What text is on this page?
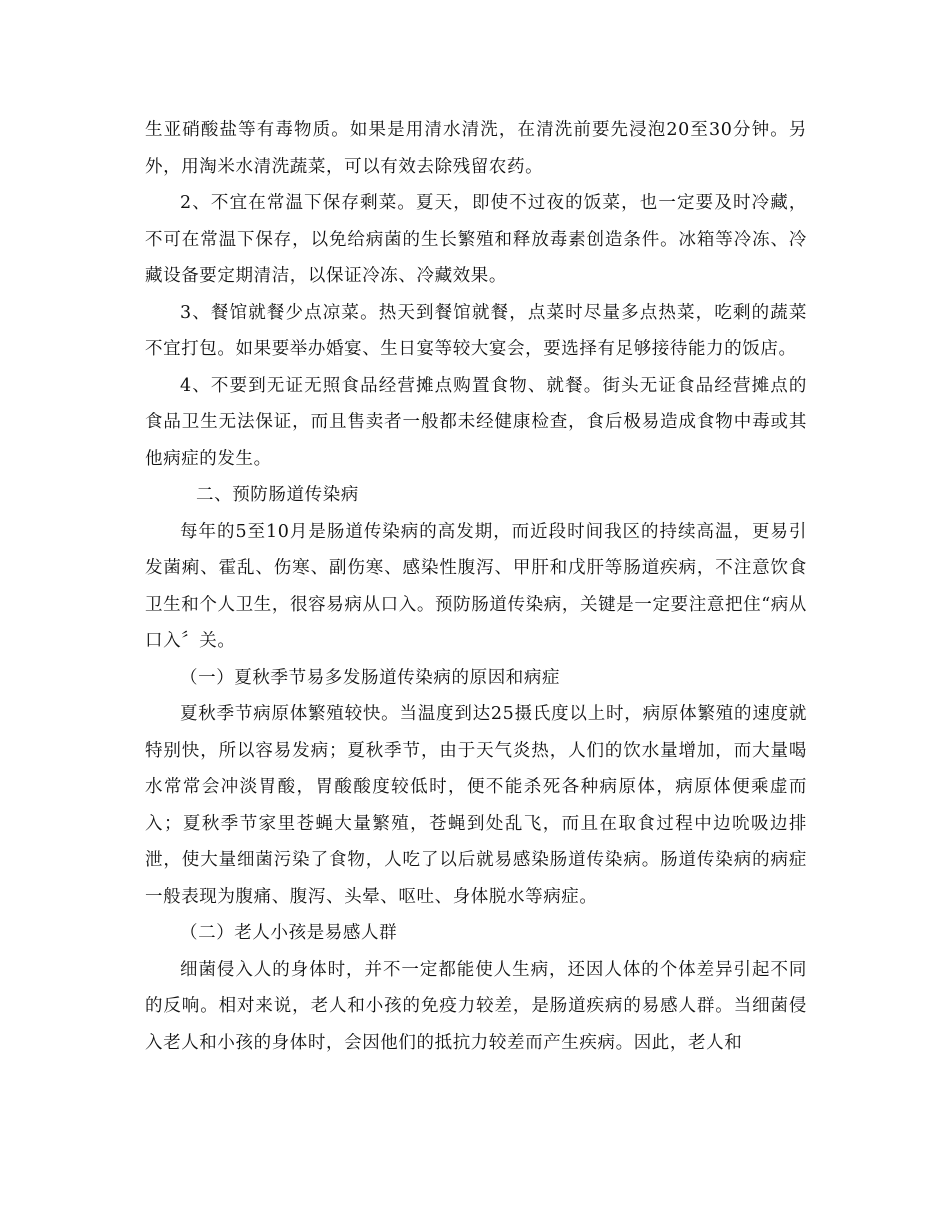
生亚硝酸盐等有毒物质。如果是用清水清洗，在清洗前要先浸泡20至30分钟。另外，用淘米水清洗蔬菜，可以有效去除残留农药。

2、不宜在常温下保存剩菜。夏天，即使不过夜的饭菜，也一定要及时冷藏，不可在常温下保存，以免给病菌的生长繁殖和释放毒素创造条件。冰箱等冷冻、冷藏设备要定期清洁，以保证冷冻、冷藏效果。

3、餐馆就餐少点凉菜。热天到餐馆就餐，点菜时尽量多点热菜，吃剩的蔬菜不宜打包。如果要举办婚宴、生日宴等较大宴会，要选择有足够接待能力的饭店。

4、不要到无证无照食品经营摊点购置食物、就餐。街头无证食品经营摊点的食品卫生无法保证，而且售卖者一般都未经健康检查，食后极易造成食物中毒或其他病症的发生。

二、预防肠道传染病

每年的5至10月是肠道传染病的高发期，而近段时间我区的持续高温，更易引发菌痢、霍乱、伤寒、副伤寒、感染性腹泻、甲肝和戊肝等肠道疾病，不注意饮食卫生和个人卫生，很容易病从口入。预防肠道传染病，关键是一定要注意把住“病从口入〞关。

（一）夏秋季节易多发肠道传染病的原因和病症

夏秋季节病原体繁殖较快。当温度到达25摄氏度以上时，病原体繁殖的速度就特别快，所以容易发病；夏秋季节，由于天气炎热，人们的饮水量增加，而大量喝水常常会冲淡胃酸，胃酸酸度较低时，便不能杀死各种病原体，病原体便乘虚而入；夏秋季节家里苍蝇大量繁殖，苍蝇到处乱飞，而且在取食过程中边吮吸边排泄，使大量细菌污染了食物，人吃了以后就易感染肠道传染病。肠道传染病的病症一般表现为腹痛、腹泻、头晕、呕吐、身体脱水等病症。

（二）老人小孩是易感人群

细菌侵入人的身体时，并不一定都能使人生病，还因人体的个体差异引起不同的反响。相对来说，老人和小孩的免疫力较差，是肠道疾病的易感人群。当细菌侵入老人和小孩的身体时，会因他们的抵抗力较差而产生疾病。因此，老人和
